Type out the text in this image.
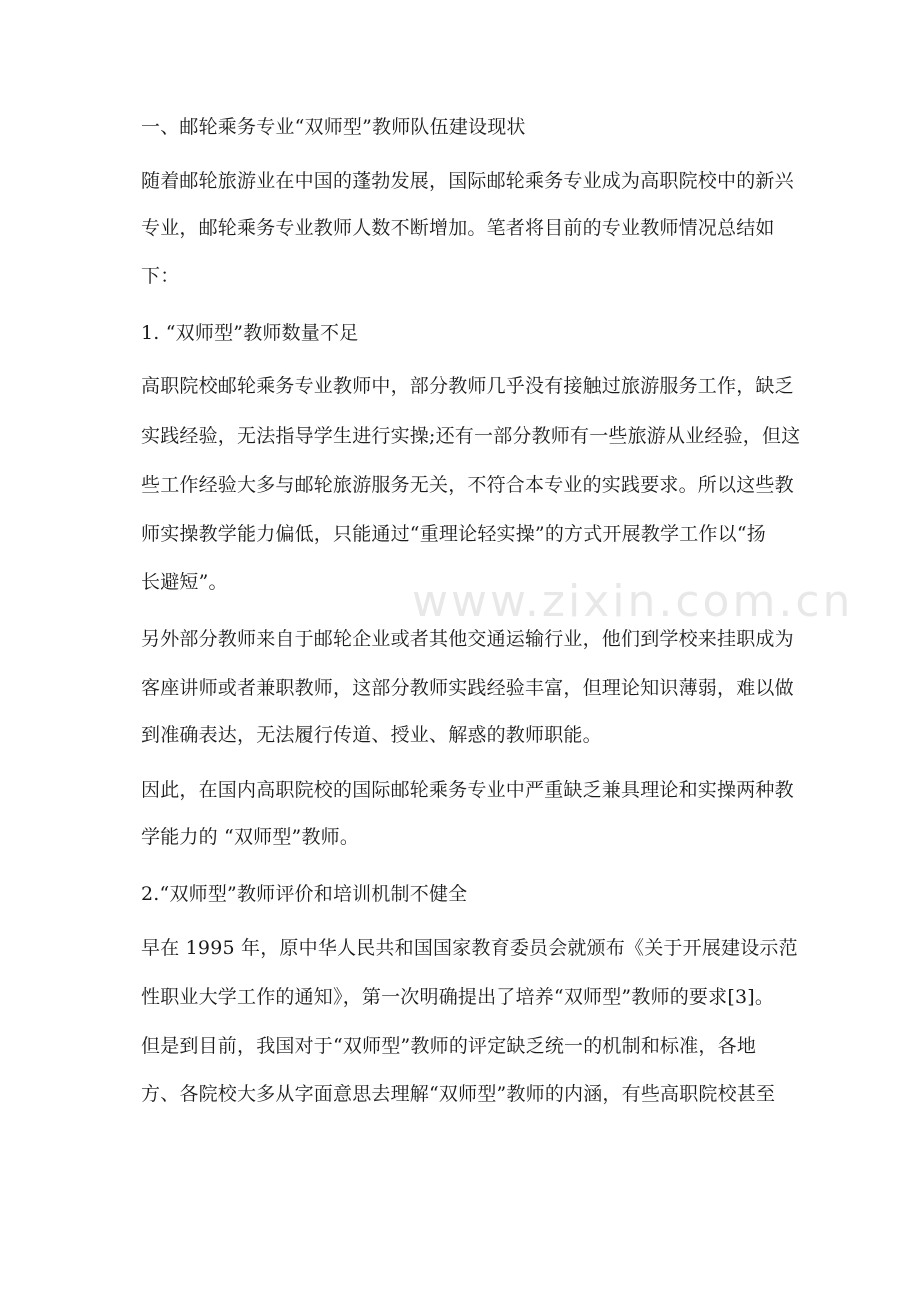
www.zixin.com.cn

一、邮轮乘务专业“双师型”教师队伍建设现状

随着邮轮旅游业在中国的蓬勃发展，国际邮轮乘务专业成为高职院校中的新兴

专业，邮轮乘务专业教师人数不断增加。笔者将目前的专业教师情况总结如

下：

1. “双师型”教师数量不足

高职院校邮轮乘务专业教师中，部分教师几乎没有接触过旅游服务工作，缺乏

实践经验，无法指导学生进行实操;还有一部分教师有一些旅游从业经验，但这

些工作经验大多与邮轮旅游服务无关，不符合本专业的实践要求。所以这些教

师实操教学能力偏低，只能通过“重理论轻实操”的方式开展教学工作以“扬

长避短”。

另外部分教师来自于邮轮企业或者其他交通运输行业，他们到学校来挂职成为

客座讲师或者兼职教师，这部分教师实践经验丰富，但理论知识薄弱，难以做

到准确表达，无法履行传道、授业、解惑的教师职能。

因此，在国内高职院校的国际邮轮乘务专业中严重缺乏兼具理论和实操两种教

学能力的 “双师型”教师。

2.“双师型”教师评价和培训机制不健全

早在 1995 年，原中华人民共和国国家教育委员会就颁布《关于开展建设示范

性职业大学工作的通知》，第一次明确提出了培养“双师型”教师的要求[3]。

但是到目前，我国对于“双师型”教师的评定缺乏统一的机制和标准，各地

方、各院校大多从字面意思去理解“双师型”教师的内涵，有些高职院校甚至
